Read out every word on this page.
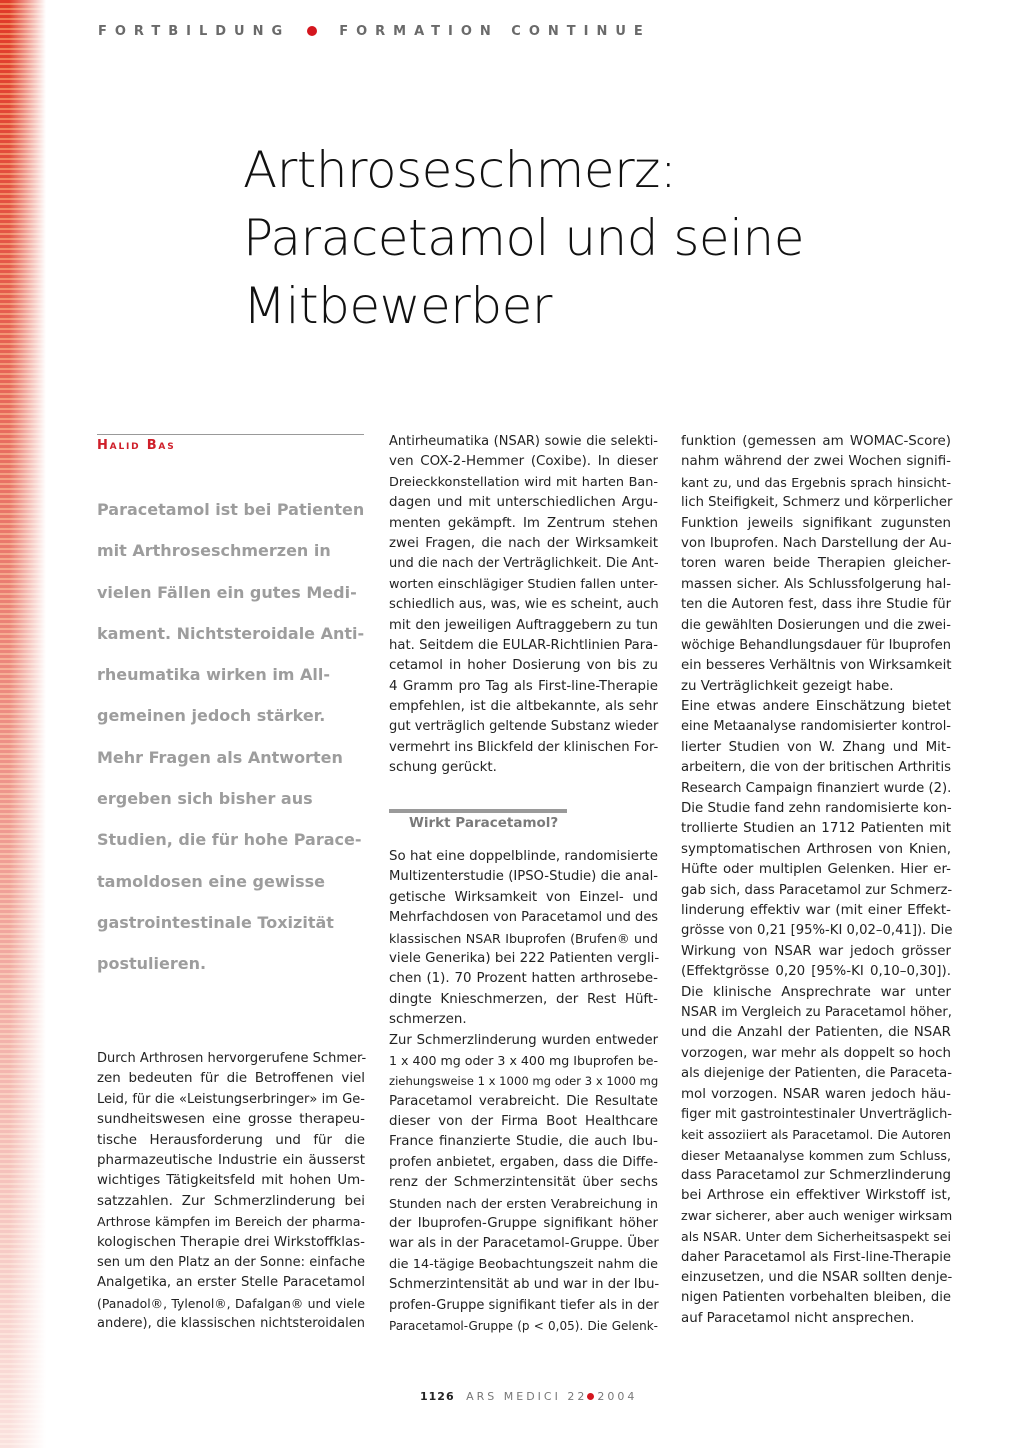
FORTBILDUNG	FORMATION CONTINUE
Arthroseschmerz:
Paracetamol und seine
Mitbewerber
Halid Bas

Paracetamol ist bei Patienten
mit Arthroseschmerzen in
vielen Fällen ein gutes Medi-
kament. Nichtsteroidale Anti-
rheumatika wirken im All-
gemeinen jedoch stärker.
Mehr Fragen als Antworten
ergeben sich bisher aus
Studien, die für hohe Parace-
tamoldosen eine gewisse
gastrointestinale Toxizität
postulieren.

Durch Arthrosen hervorgerufene Schmer-
zen bedeuten für die Betroffenen viel
Leid, für die «Leistungserbringer» im Ge-
sundheitswesen eine grosse therapeu-
tische Herausforderung und für die
pharmazeutische Industrie ein äusserst
wichtiges Tätigkeitsfeld mit hohen Um-
satzzahlen. Zur Schmerzlinderung bei
Arthrose kämpfen im Bereich der pharma-
kologischen Therapie drei Wirkstoffklas-
sen um den Platz an der Sonne: einfache
Analgetika, an erster Stelle Paracetamol
(Panadol®, Tylenol®, Dafalgan® und viele
andere), die klassischen nichtsteroidalen
Antirheumatika (NSAR) sowie die selekti-
ven COX-2-Hemmer (Coxibe). In dieser
Dreieckkonstellation wird mit harten Ban-
dagen und mit unterschiedlichen Argu-
menten gekämpft. Im Zentrum stehen
zwei Fragen, die nach der Wirksamkeit
und die nach der Verträglichkeit. Die Ant-
worten einschlägiger Studien fallen unter-
schiedlich aus, was, wie es scheint, auch
mit den jeweiligen Auftraggebern zu tun
hat. Seitdem die EULAR-Richtlinien Para-
cetamol in hoher Dosierung von bis zu
4 Gramm pro Tag als First-line-Therapie
empfehlen, ist die altbekannte, als sehr
gut verträglich geltende Substanz wieder
vermehrt ins Blickfeld der klinischen For-
schung gerückt.
Wirkt Paracetamol?
So hat eine doppelblinde, randomisierte
Multizenterstudie (IPSO-Studie) die anal-
getische Wirksamkeit von Einzel- und
Mehrfachdosen von Paracetamol und des
klassischen NSAR Ibuprofen (Brufen® und
viele Generika) bei 222 Patienten vergli-
chen (1). 70 Prozent hatten arthrosebe-
dingte Knieschmerzen, der Rest Hüft-
schmerzen.
Zur Schmerzlinderung wurden entweder
1 x 400 mg oder 3 x 400 mg Ibuprofen be-
ziehungsweise 1 x 1000 mg oder 3 x 1000 mg
Paracetamol verabreicht. Die Resultate
dieser von der Firma Boot Healthcare
France finanzierte Studie, die auch Ibu-
profen anbietet, ergaben, dass die Diffe-
renz der Schmerzintensität über sechs
Stunden nach der ersten Verabreichung in
der Ibuprofen-Gruppe signifikant höher
war als in der Paracetamol-Gruppe. Über
die 14-tägige Beobachtungszeit nahm die
Schmerzintensität ab und war in der Ibu-
profen-Gruppe signifikant tiefer als in der
Paracetamol-Gruppe (p < 0,05). Die Gelenk-
funktion (gemessen am WOMAC-Score)
nahm während der zwei Wochen signifi-
kant zu, und das Ergebnis sprach hinsicht-
lich Steifigkeit, Schmerz und körperlicher
Funktion jeweils signifikant zugunsten
von Ibuprofen. Nach Darstellung der Au-
toren waren beide Therapien gleicher-
massen sicher. Als Schlussfolgerung hal-
ten die Autoren fest, dass ihre Studie für
die gewählten Dosierungen und die zwei-
wöchige Behandlungsdauer für Ibuprofen
ein besseres Verhältnis von Wirksamkeit
zu Verträglichkeit gezeigt habe.
Eine etwas andere Einschätzung bietet
eine Metaanalyse randomisierter kontrol-
lierter Studien von W. Zhang und Mit-
arbeitern, die von der britischen Arthritis
Research Campaign finanziert wurde (2).
Die Studie fand zehn randomisierte kon-
trollierte Studien an 1712 Patienten mit
symptomatischen Arthrosen von Knien,
Hüfte oder multiplen Gelenken. Hier er-
gab sich, dass Paracetamol zur Schmerz-
linderung effektiv war (mit einer Effekt-
grösse von 0,21 [95%-KI 0,02–0,41]). Die
Wirkung von NSAR war jedoch grösser
(Effektgrösse 0,20 [95%-KI 0,10–0,30]).
Die klinische Ansprechrate war unter
NSAR im Vergleich zu Paracetamol höher,
und die Anzahl der Patienten, die NSAR
vorzogen, war mehr als doppelt so hoch
als diejenige der Patienten, die Paraceta-
mol vorzogen. NSAR waren jedoch häu-
figer mit gastrointestinaler Unverträglich-
keit assoziiert als Paracetamol. Die Autoren
dieser Metaanalyse kommen zum Schluss,
dass Paracetamol zur Schmerzlinderung
bei Arthrose ein effektiver Wirkstoff ist,
zwar sicherer, aber auch weniger wirksam
als NSAR. Unter dem Sicherheitsaspekt sei
daher Paracetamol als First-line-Therapie
einzusetzen, und die NSAR sollten denje-
nigen Patienten vorbehalten bleiben, die
auf Paracetamol nicht ansprechen.
1126 ARS MEDICI 22 2004
